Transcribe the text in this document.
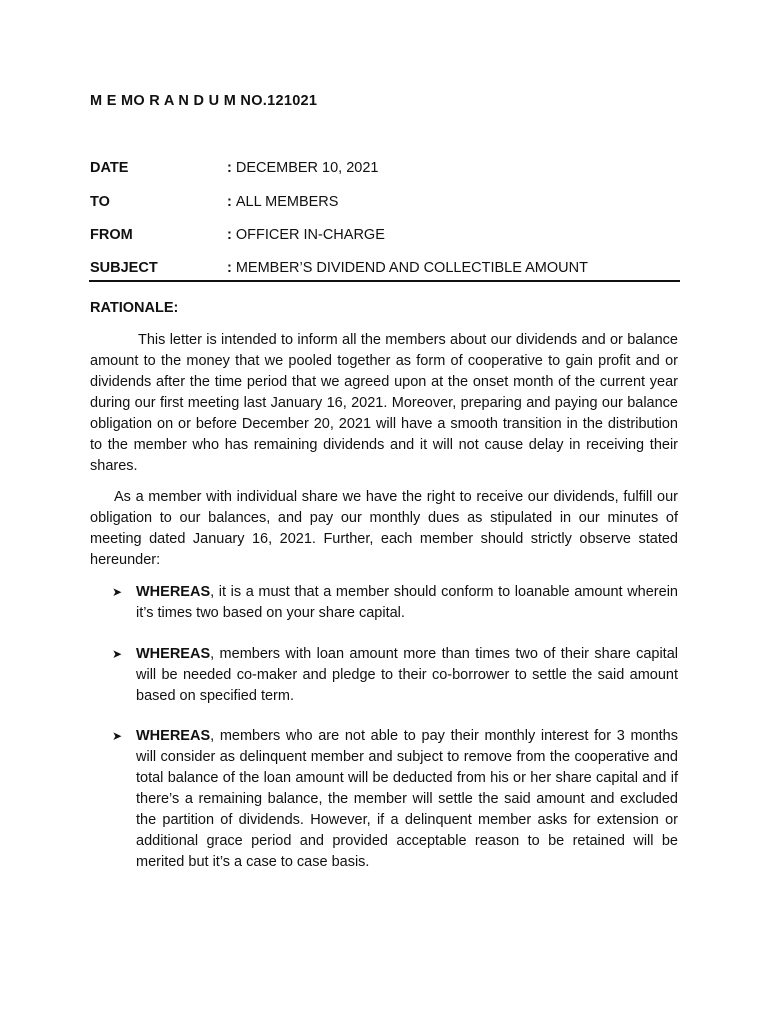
M E MO R A N D U M NO.121021
DATE	: DECEMBER 10, 2021
TO	: ALL MEMBERS
FROM	: OFFICER IN-CHARGE
SUBJECT	: MEMBER’S DIVIDEND AND COLLECTIBLE AMOUNT
RATIONALE:

This letter is intended to inform all the members about our dividends and or balance amount to the money that we pooled together as form of cooperative to gain profit and or dividends after the time period that we agreed upon at the onset month of the current year during our first meeting last January 16, 2021. Moreover, preparing and paying our balance obligation on or before December 20, 2021 will have a smooth transition in the distribution to the member who has remaining dividends and it will not cause delay in receiving their shares.

As a member with individual share we have the right to receive our dividends, fulfill our obligation to our balances, and pay our monthly dues as stipulated in our minutes of meeting dated January 16, 2021. Further, each member should strictly observe stated hereunder:

➤ WHEREAS, it is a must that a member should conform to loanable amount wherein it’s times two based on your share capital.
➤ WHEREAS, members with loan amount more than times two of their share capital will be needed co-maker and pledge to their co-borrower to settle the said amount based on specified term.
➤ WHEREAS, members who are not able to pay their monthly interest for 3 months will consider as delinquent member and subject to remove from the cooperative and total balance of the loan amount will be deducted from his or her share capital and if there’s a remaining balance, the member will settle the said amount and excluded the partition of dividends. However, if a delinquent member asks for extension or additional grace period and provided acceptable reason to be retained will be merited but it’s a case to case basis.
